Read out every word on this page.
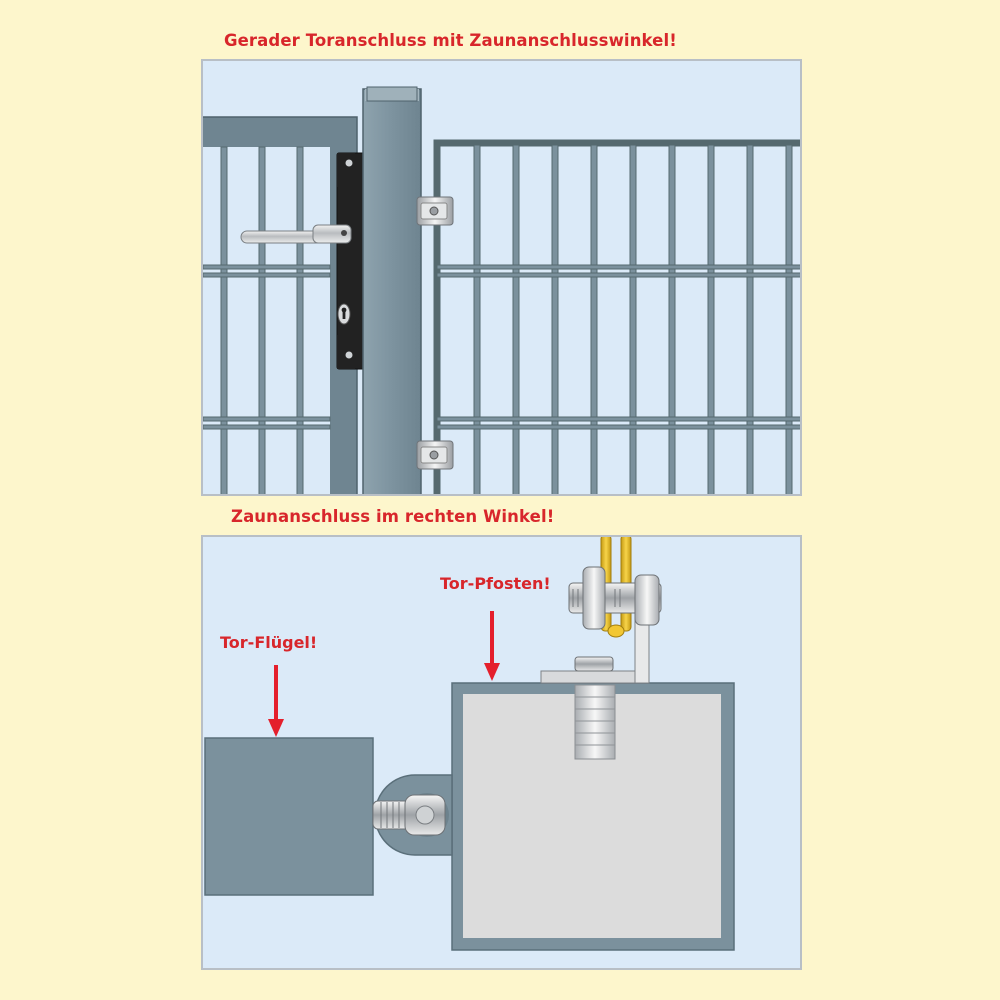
Gerader Toranschluss mit Zaunanschlusswinkel!
Zaunanschluss im rechten Winkel!
Tor-Flügel!
Tor-Pfosten!
